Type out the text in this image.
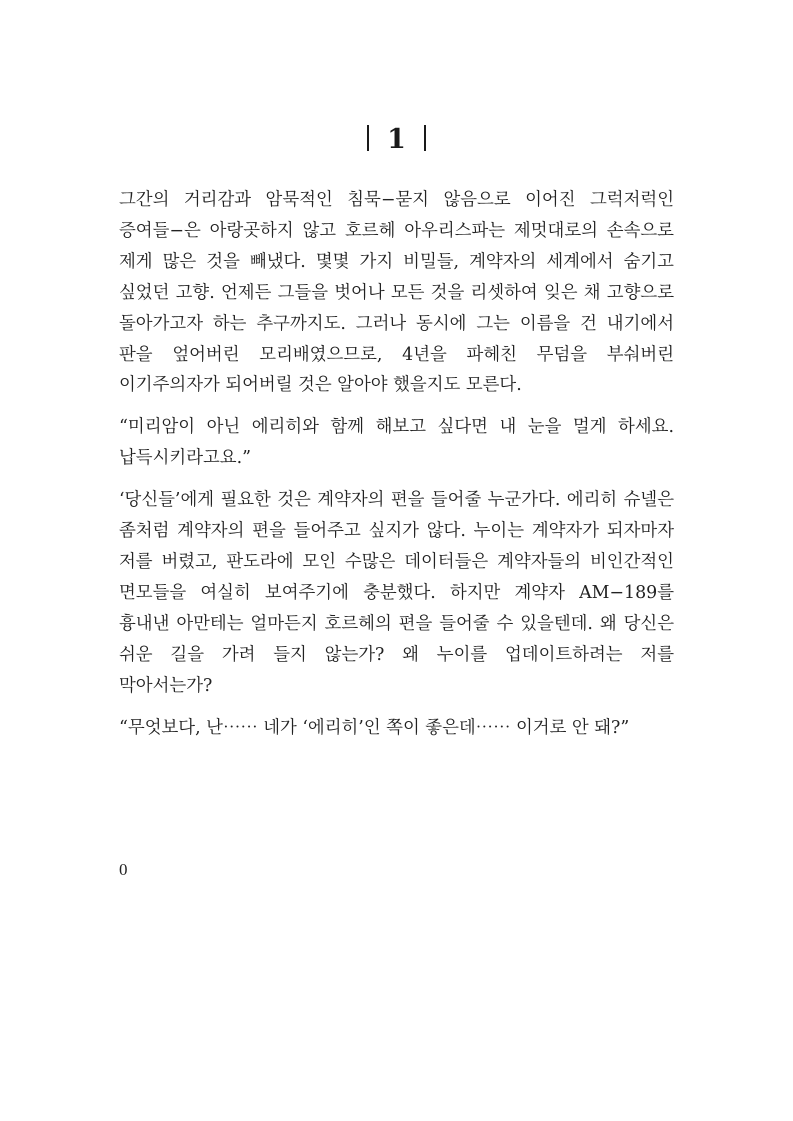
1

그간의 거리감과 암묵적인 침묵−묻지 않음으로 이어진 그럭저럭인 증여들−은 아랑곳하지 않고 호르헤 아우리스파는 제멋대로의 손속으로 제게 많은 것을 빼냈다. 몇몇 가지 비밀들, 계약자의 세계에서 숨기고 싶었던 고향. 언제든 그들을 벗어나 모든 것을 리셋하여 잊은 채 고향으로 돌아가고자 하는 추구까지도. 그러나 동시에 그는 이름을 건 내기에서 판을 엎어버린 모리배였으므로, 4년을 파헤친 무덤을 부숴버린 이기주의자가 되어버릴 것은 알아야 했을지도 모른다.

“미리암이 아닌 에리히와 함께 해보고 싶다면 내 눈을 멀게 하세요. 납득시키라고요.”

‘당신들’에게 필요한 것은 계약자의 편을 들어줄 누군가다. 에리히 슈넬은 좀처럼 계약자의 편을 들어주고 싶지가 않다. 누이는 계약자가 되자마자 저를 버렸고, 판도라에 모인 수많은 데이터들은 계약자들의 비인간적인 면모들을 여실히 보여주기에 충분했다. 하지만 계약자 AM−189를 흉내낸 아만테는 얼마든지 호르헤의 편을 들어줄 수 있을텐데. 왜 당신은 쉬운 길을 가려 들지 않는가? 왜 누이를 업데이트하려는 저를 막아서는가?

“무엇보다, 난⋯⋯ 네가 ‘에리히’인 쪽이 좋은데⋯⋯ 이거로 안 돼?”

0
